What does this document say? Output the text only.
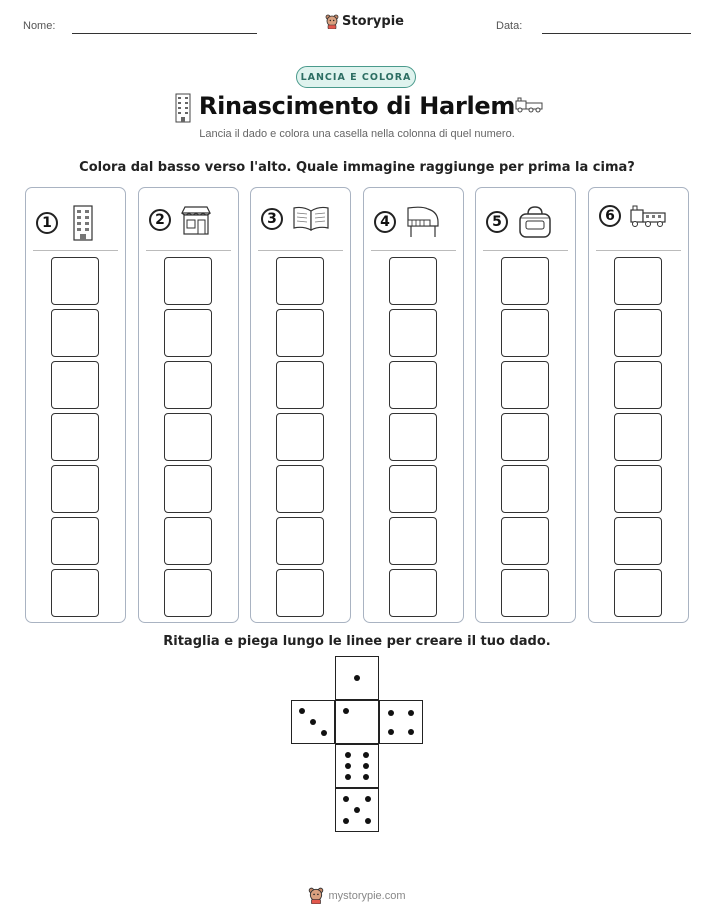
Nome:	Storypie	Data:
LANCIA E COLORA
Rinascimento di Harlem
Lancia il dado e colora una casella nella colonna di quel numero.
Colora dal basso verso l'alto. Quale immagine raggiunge per prima la cima?
1	2	3	4	5	6
Ritaglia e piega lungo le linee per creare il tuo dado.
mystorypie.com
